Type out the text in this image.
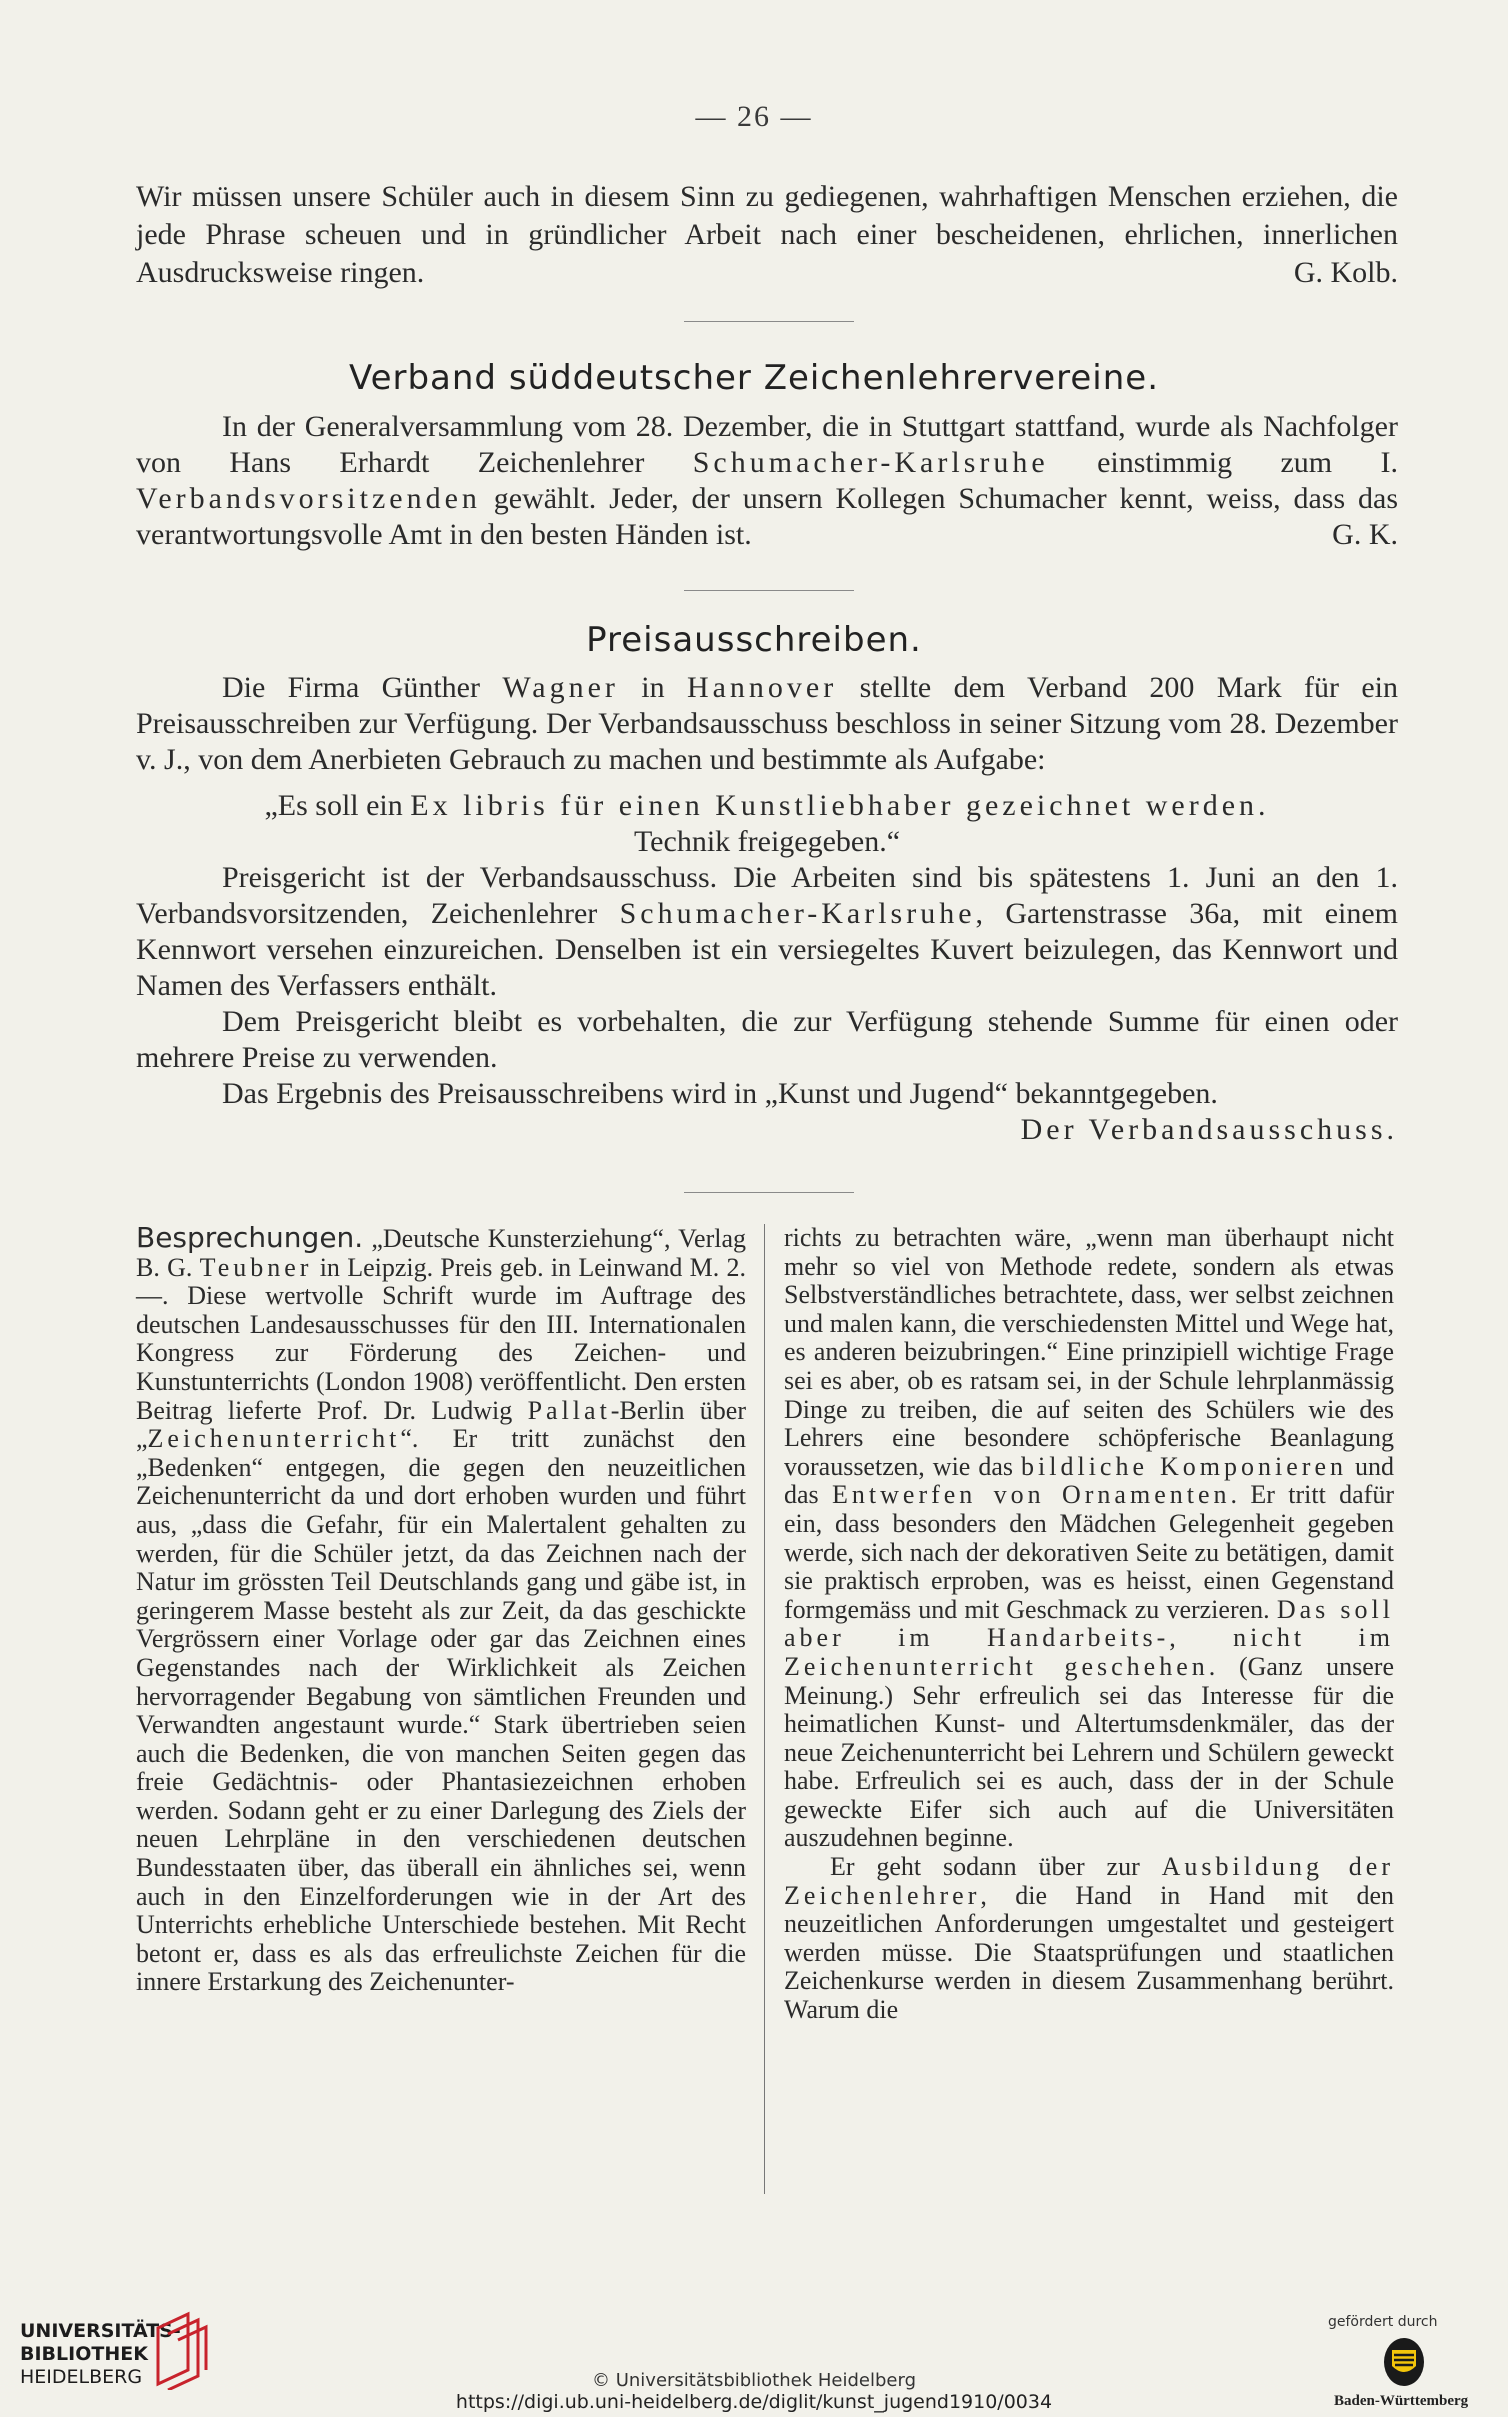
— 26 —

Wir müssen unsere Schüler auch in diesem Sinn zu gediegenen, wahrhaftigen Menschen erziehen, die jede Phrase scheuen und in gründlicher Arbeit nach einer bescheidenen, ehrlichen, innerlichen Ausdrucksweise ringen.	G. Kolb.

Verband süddeutscher Zeichenlehrervereine.

In der Generalversammlung vom 28. Dezember, die in Stuttgart stattfand, wurde als Nachfolger von Hans Erhardt Zeichenlehrer Schumacher-Karlsruhe einstimmig zum I. Verbandsvorsitzenden gewählt. Jeder, der unsern Kollegen Schumacher kennt, weiss, dass das verantwortungsvolle Amt in den besten Händen ist.	G. K.

Preisausschreiben.

Die Firma Günther Wagner in Hannover stellte dem Verband 200 Mark für ein Preisausschreiben zur Verfügung. Der Verbandsausschuss beschloss in seiner Sitzung vom 28. Dezember v. J., von dem Anerbieten Gebrauch zu machen und bestimmte als Aufgabe:

„Es soll ein Ex libris für einen Kunstliebhaber gezeichnet werden.

Technik freigegeben.“

Preisgericht ist der Verbandsausschuss. Die Arbeiten sind bis spätestens 1. Juni an den 1. Verbandsvorsitzenden, Zeichenlehrer Schumacher-Karlsruhe, Gartenstrasse 36a, mit einem Kennwort versehen einzureichen. Denselben ist ein versiegeltes Kuvert beizulegen, das Kennwort und Namen des Verfassers enthält.

Dem Preisgericht bleibt es vorbehalten, die zur Verfügung stehende Summe für einen oder mehrere Preise zu verwenden.

Das Ergebnis des Preisausschreibens wird in „Kunst und Jugend“ bekanntgegeben.
Der Verbandsausschuss.

Besprechungen. „Deutsche Kunsterziehung“, Verlag B. G. Teubner in Leipzig. Preis geb. in Leinwand M. 2.—. Diese wertvolle Schrift wurde im Auftrage des deutschen Landesausschusses für den III. Internationalen Kongress zur Förderung des Zeichen- und Kunstunterrichts (London 1908) veröffentlicht. Den ersten Beitrag lieferte Prof. Dr. Ludwig Pallat-Berlin über „Zeichenunterricht“. Er tritt zunächst den „Bedenken“ entgegen, die gegen den neuzeitlichen Zeichenunterricht da und dort erhoben wurden und führt aus, „dass die Gefahr, für ein Malertalent gehalten zu werden, für die Schüler jetzt, da das Zeichnen nach der Natur im grössten Teil Deutschlands gang und gäbe ist, in geringerem Masse besteht als zur Zeit, da das geschickte Vergrössern einer Vorlage oder gar das Zeichnen eines Gegenstandes nach der Wirklichkeit als Zeichen hervorragender Begabung von sämtlichen Freunden und Verwandten angestaunt wurde.“ Stark übertrieben seien auch die Bedenken, die von manchen Seiten gegen das freie Gedächtnis- oder Phantasiezeichnen erhoben werden. Sodann geht er zu einer Darlegung des Ziels der neuen Lehrpläne in den verschiedenen deutschen Bundesstaaten über, das überall ein ähnliches sei, wenn auch in den Einzelforderungen wie in der Art des Unterrichts erhebliche Unterschiede bestehen. Mit Recht betont er, dass es als das erfreulichste Zeichen für die innere Erstarkung des Zeichenunter-

richts zu betrachten wäre, „wenn man überhaupt nicht mehr so viel von Methode redete, sondern als etwas Selbstverständliches betrachtete, dass, wer selbst zeichnen und malen kann, die verschiedensten Mittel und Wege hat, es anderen beizubringen.“ Eine prinzipiell wichtige Frage sei es aber, ob es ratsam sei, in der Schule lehrplanmässig Dinge zu treiben, die auf seiten des Schülers wie des Lehrers eine besondere schöpferische Beanlagung voraussetzen, wie das bildliche Komponieren und das Entwerfen von Ornamenten. Er tritt dafür ein, dass besonders den Mädchen Gelegenheit gegeben werde, sich nach der dekorativen Seite zu betätigen, damit sie praktisch erproben, was es heisst, einen Gegenstand formgemäss und mit Geschmack zu verzieren. Das soll aber im Handarbeits-, nicht im Zeichenunterricht geschehen. (Ganz unsere Meinung.) Sehr erfreulich sei das Interesse für die heimatlichen Kunst- und Altertumsdenkmäler, das der neue Zeichenunterricht bei Lehrern und Schülern geweckt habe. Erfreulich sei es auch, dass der in der Schule geweckte Eifer sich auch auf die Universitäten auszudehnen beginne.

Er geht sodann über zur Ausbildung der Zeichenlehrer, die Hand in Hand mit den neuzeitlichen Anforderungen umgestaltet und gesteigert werden müsse. Die Staatsprüfungen und staatlichen Zeichenkurse werden in diesem Zusammenhang berührt. Warum die

UNIVERSITÄTS-
BIBLIOTHEK
HEIDELBERG	© Universitätsbibliothek Heidelberg
https://digi.ub.uni-heidelberg.de/diglit/kunst_jugend1910/0034
gefördert durch
Baden-Württemberg
